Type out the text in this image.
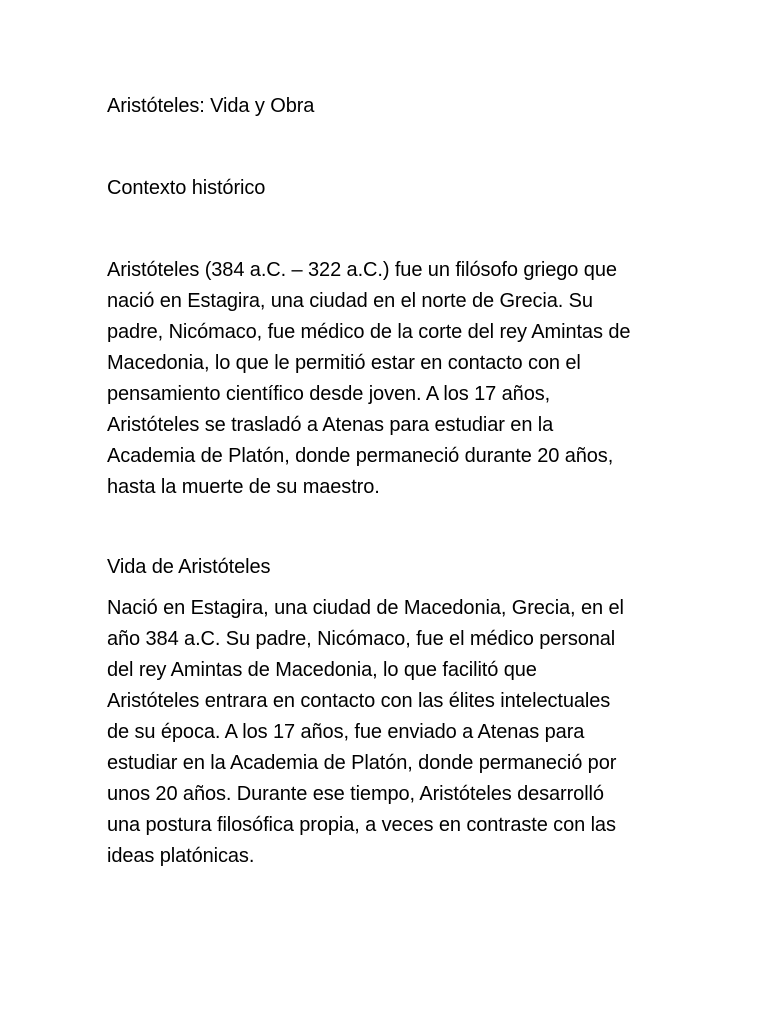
Aristóteles: Vida y Obra
Contexto histórico
Aristóteles (384 a.C. – 322 a.C.) fue un filósofo griego que
nació en Estagira, una ciudad en el norte de Grecia. Su
padre, Nicómaco, fue médico de la corte del rey Amintas de
Macedonia, lo que le permitió estar en contacto con el
pensamiento científico desde joven. A los 17 años,
Aristóteles se trasladó a Atenas para estudiar en la
Academia de Platón, donde permaneció durante 20 años,
hasta la muerte de su maestro.
Vida de Aristóteles
Nació en Estagira, una ciudad de Macedonia, Grecia, en el
año 384 a.C. Su padre, Nicómaco, fue el médico personal
del rey Amintas de Macedonia, lo que facilitó que
Aristóteles entrara en contacto con las élites intelectuales
de su época. A los 17 años, fue enviado a Atenas para
estudiar en la Academia de Platón, donde permaneció por
unos 20 años. Durante ese tiempo, Aristóteles desarrolló
una postura filosófica propia, a veces en contraste con las
ideas platónicas.
